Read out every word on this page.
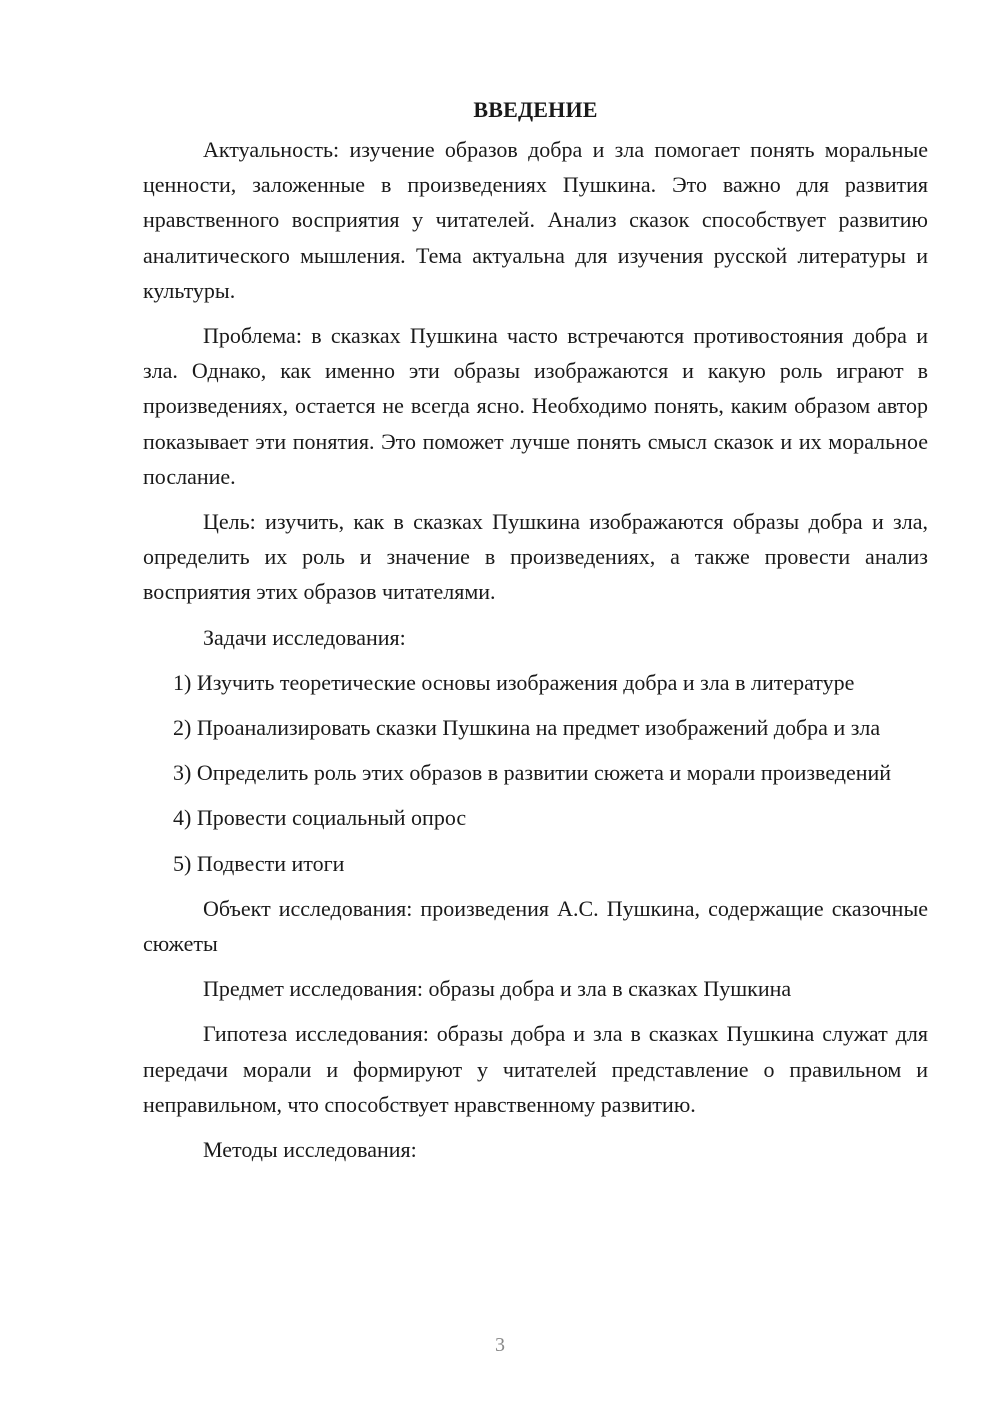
ВВЕДЕНИЕ

Актуальность: изучение образов добра и зла помогает понять моральные ценности, заложенные в произведениях Пушкина. Это важно для развития нравственного восприятия у читателей. Анализ сказок способствует развитию аналитического мышления. Тема актуальна для изучения русской литературы и культуры.

Проблема: в сказках Пушкина часто встречаются противостояния добра и зла. Однако, как именно эти образы изображаются и какую роль играют в произведениях, остается не всегда ясно. Необходимо понять, каким образом автор показывает эти понятия. Это поможет лучше понять смысл сказок и их моральное послание.

Цель: изучить, как в сказках Пушкина изображаются образы добра и зла, определить их роль и значение в произведениях, а также провести анализ восприятия этих образов читателями.

Задачи исследования:

1) Изучить теоретические основы изображения добра и зла в литературе

2) Проанализировать сказки Пушкина на предмет изображений добра и зла

3) Определить роль этих образов в развитии сюжета и морали произведений

4) Провести социальный опрос

5) Подвести итоги

Объект исследования: произведения А.С. Пушкина, содержащие сказочные сюжеты

Предмет исследования: образы добра и зла в сказках Пушкина

Гипотеза исследования: образы добра и зла в сказках Пушкина служат для передачи морали и формируют у читателей представление о правильном и неправильном, что способствует нравственному развитию.

Методы исследования:

3
